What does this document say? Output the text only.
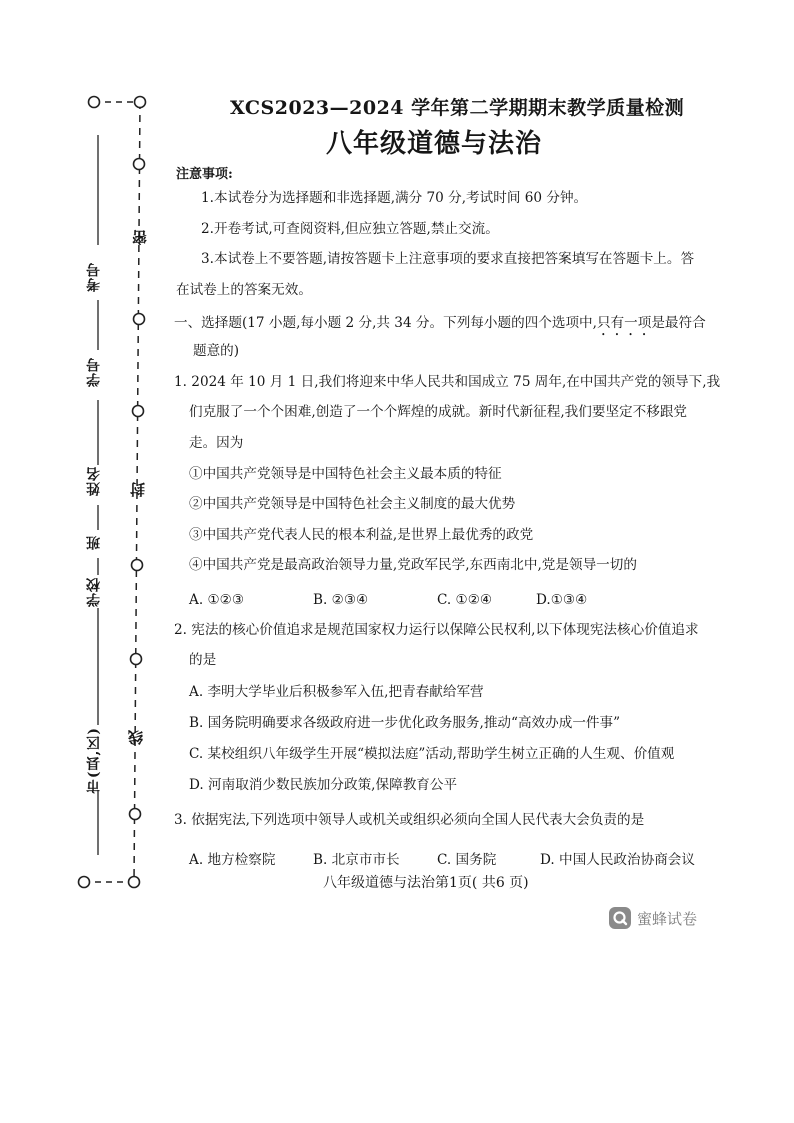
考号
学号
姓名
班
学校
市(县,区)
密
封
线
XCS2023—2024 学年第二学期期末教学质量检测
八年级道德与法治
注意事项:
1.本试卷分为选择题和非选择题,满分 70 分,考试时间 60 分钟。
2.开卷考试,可查阅资料,但应独立答题,禁止交流。
3.本试卷上不要答题,请按答题卡上注意事项的要求直接把答案填写在答题卡上。答
在试卷上的答案无效。
一、选择题(17 小题,每小题 2 分,共 34 分。下列每小题的四个选项中,只有一项是最符合
题意的)
1. 2024 年 10 月 1 日,我们将迎来中华人民共和国成立 75 周年,在中国共产党的领导下,我
们克服了一个个困难,创造了一个个辉煌的成就。新时代新征程,我们要坚定不移跟党
走。因为
①中国共产党领导是中国特色社会主义最本质的特征
②中国共产党领导是中国特色社会主义制度的最大优势
③中国共产党代表人民的根本利益,是世界上最优秀的政党
④中国共产党是最高政治领导力量,党政军民学,东西南北中,党是领导一切的
A. ①②③	B. ②③④	C. ①②④	D.①③④
2. 宪法的核心价值追求是规范国家权力运行以保障公民权利,以下体现宪法核心价值追求
的是
A. 李明大学毕业后积极参军入伍,把青春献给军营
B. 国务院明确要求各级政府进一步优化政务服务,推动“高效办成一件事”
C. 某校组织八年级学生开展“模拟法庭”活动,帮助学生树立正确的人生观、价值观
D. 河南取消少数民族加分政策,保障教育公平
3. 依据宪法,下列选项中领导人或机关或组织必须向全国人民代表大会负责的是
A. 地方检察院	B. 北京市市长	C. 国务院	D. 中国人民政治协商会议
八年级道德与法治第1页( 共6 页)
蜜蜂试卷
